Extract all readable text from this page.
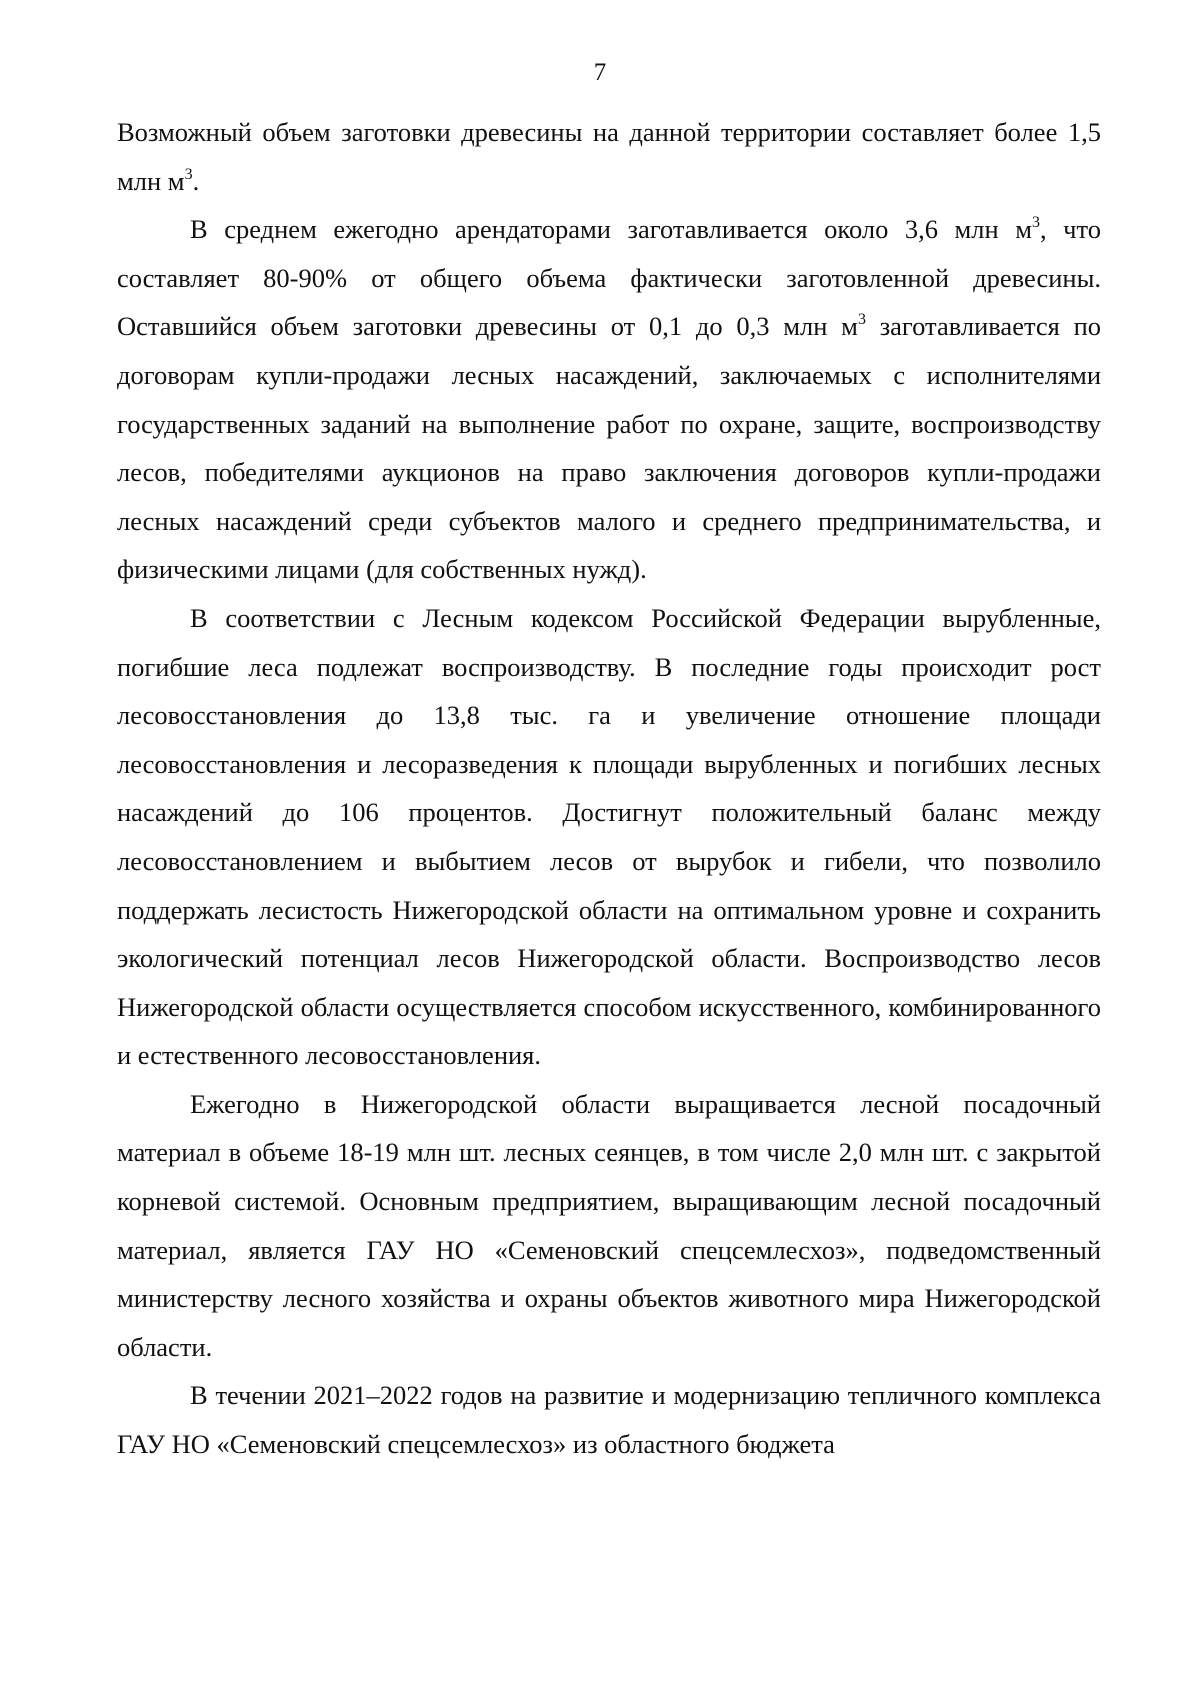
7

Возможный объем заготовки древесины на данной территории составляет более 1,5 млн $м^3$.

В среднем ежегодно арендаторами заготавливается около 3,6 млн $м^3$, что составляет 80-90% от общего объема фактически заготовленной древесины. Оставшийся объем заготовки древесины от 0,1 до 0,3 млн $м^3$ заготавливается по договорам купли-продажи лесных насаждений, заключаемых с исполнителями государственных заданий на выполнение работ по охране, защите, воспроизводству лесов, победителями аукционов на право заключения договоров купли-продажи лесных насаждений среди субъектов малого и среднего предпринимательства, и физическими лицами (для собственных нужд).

В соответствии с Лесным кодексом Российской Федерации вырубленные, погибшие леса подлежат воспроизводству. В последние годы происходит рост лесовосстановления до 13,8 тыс. га и увеличение отношение площади лесовосстановления и лесоразведения к площади вырубленных и погибших лесных насаждений до 106 процентов. Достигнут положительный баланс между лесовосстановлением и выбытием лесов от вырубок и гибели, что позволило поддержать лесистость Нижегородской области на оптимальном уровне и сохранить экологический потенциал лесов Нижегородской области. Воспроизводство лесов Нижегородской области осуществляется способом искусственного, комбинированного и естественного лесовосстановления.

Ежегодно в Нижегородской области выращивается лесной посадочный материал в объеме 18-19 млн шт. лесных сеянцев, в том числе 2,0 млн шт. с закрытой корневой системой. Основным предприятием, выращивающим лесной посадочный материал, является ГАУ НО «Семеновский спецсемлесхоз», подведомственный министерству лесного хозяйства и охраны объектов животного мира Нижегородской области.

В течении 2021–2022 годов на развитие и модернизацию тепличного комплекса ГАУ НО «Семеновский спецсемлесхоз» из областного бюджета
